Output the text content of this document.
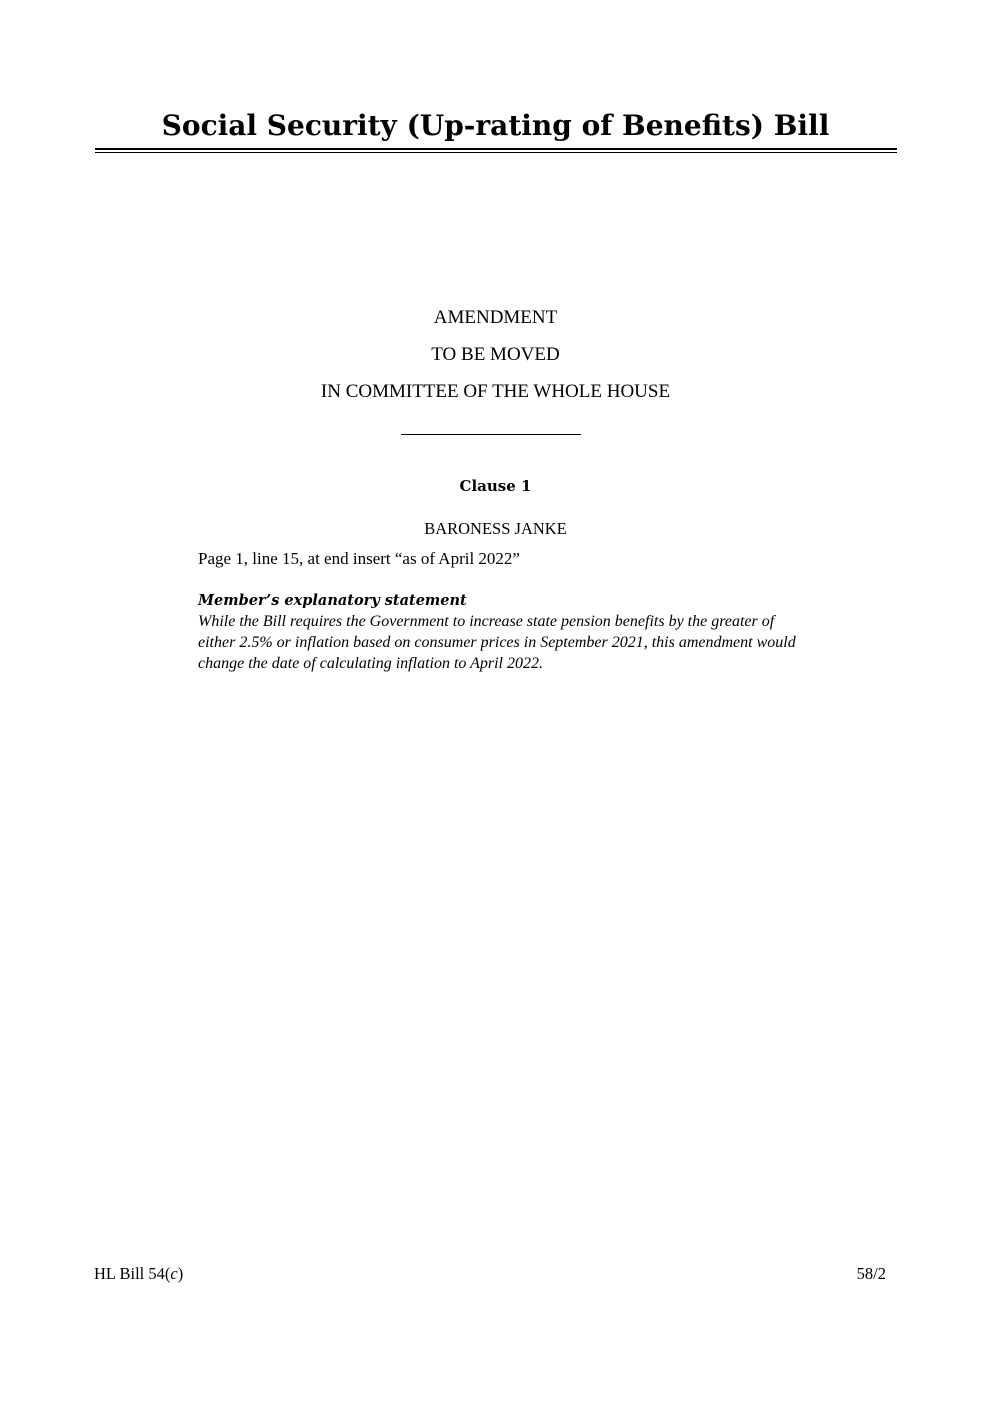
Social Security (Up-rating of Benefits) Bill
AMENDMENT
TO BE MOVED
IN COMMITTEE OF THE WHOLE HOUSE
Clause 1
BARONESS JANKE
Page 1, line 15, at end insert “as of April 2022”
Member’s explanatory statement
While the Bill requires the Government to increase state pension benefits by the greater of
either 2.5% or inflation based on consumer prices in September 2021, this amendment would
change the date of calculating inflation to April 2022.
HL Bill 54(c)	58/2
